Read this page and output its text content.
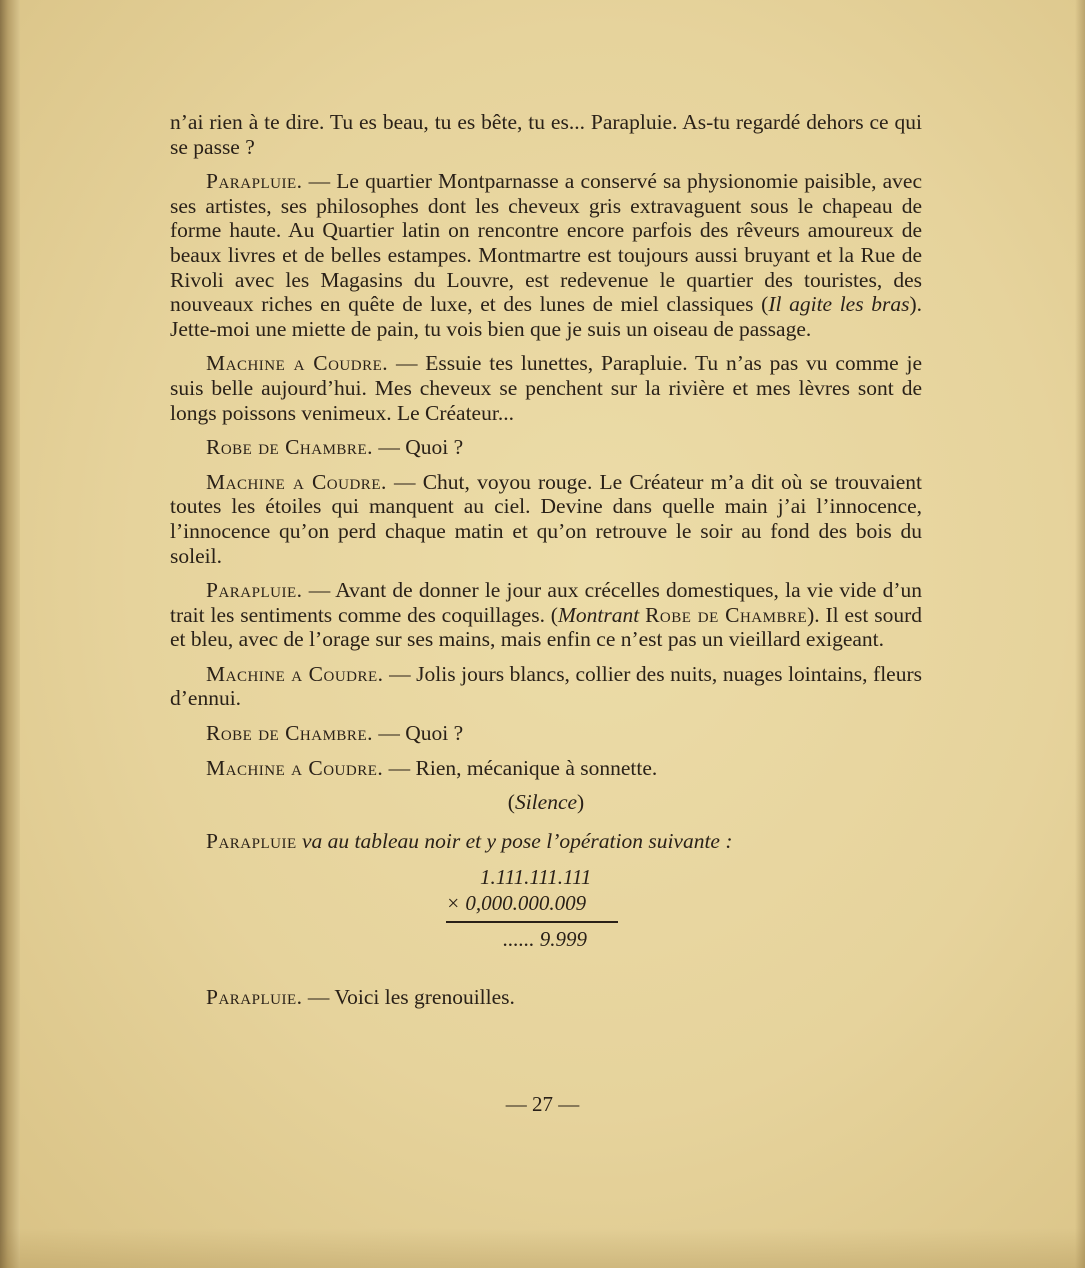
n’ai rien à te dire. Tu es beau, tu es bête, tu es... Parapluie. As-tu regardé dehors ce qui se passe ?

Parapluie. — Le quartier Montparnasse a conservé sa physionomie paisible, avec ses artistes, ses philosophes dont les cheveux gris extravaguent sous le chapeau de forme haute. Au Quartier latin on rencontre encore parfois des rêveurs amoureux de beaux livres et de belles estampes. Montmartre est toujours aussi bruyant et la Rue de Rivoli avec les Magasins du Louvre, est redevenue le quartier des touristes, des nouveaux riches en quête de luxe, et des lunes de miel classiques (Il agite les bras). Jette-moi une miette de pain, tu vois bien que je suis un oiseau de passage.

Machine a Coudre. — Essuie tes lunettes, Parapluie. Tu n’as pas vu comme je suis belle aujourd’hui. Mes cheveux se penchent sur la rivière et mes lèvres sont de longs poissons venimeux. Le Créateur...

Robe de Chambre. — Quoi ?

Machine a Coudre. — Chut, voyou rouge. Le Créateur m’a dit où se trouvaient toutes les étoiles qui manquent au ciel. Devine dans quelle main j’ai l’innocence, l’innocence qu’on perd chaque matin et qu’on retrouve le soir au fond des bois du soleil.

Parapluie. — Avant de donner le jour aux crécelles domestiques, la vie vide d’un trait les sentiments comme des coquillages. (Montrant Robe de Chambre). Il est sourd et bleu, avec de l’orage sur ses mains, mais enfin ce n’est pas un vieillard exigeant.

Machine a Coudre. — Jolis jours blancs, collier des nuits, nuages lointains, fleurs d’ennui.

Robe de Chambre. — Quoi ?

Machine a Coudre. — Rien, mécanique à sonnette.

(Silence)

Parapluie va au tableau noir et y pose l’opération suivante :

1.111.111.111
× 0,000.000.009
...... 9.999

Parapluie. — Voici les grenouilles.

— 27 —
